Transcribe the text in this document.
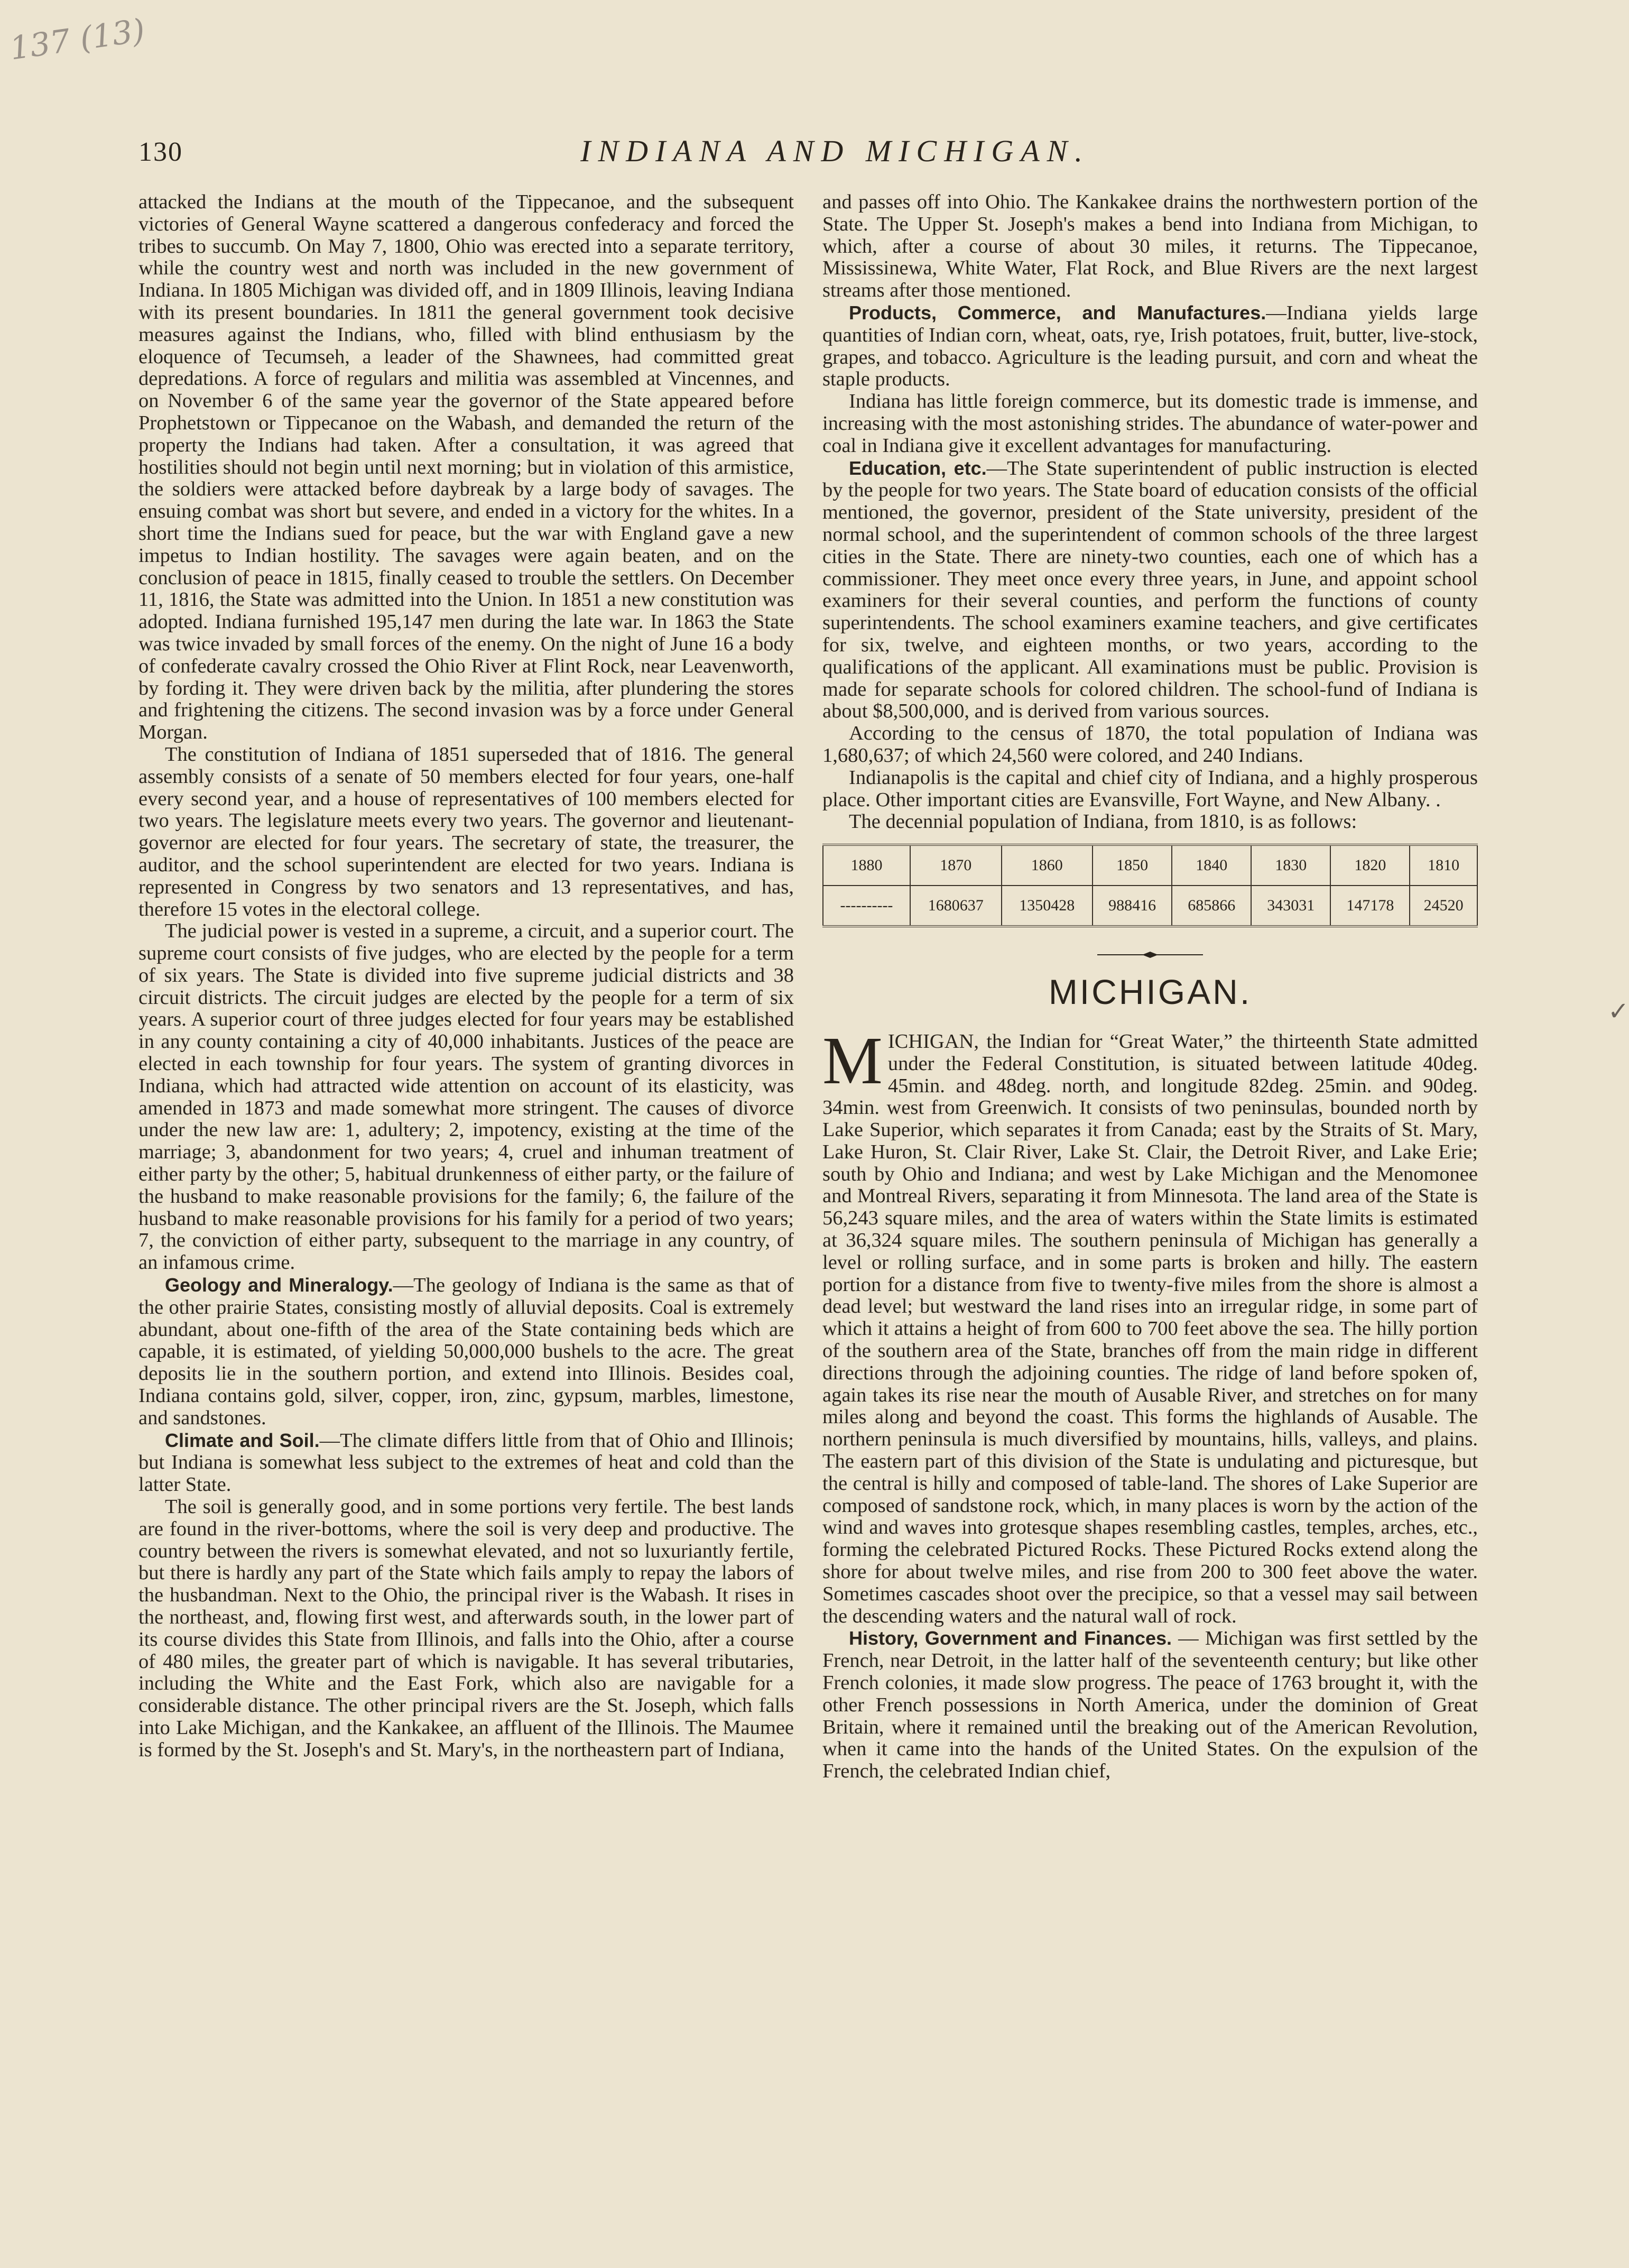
137 (13)
130	INDIANA AND MICHIGAN.

attacked the Indians at the mouth of the Tippecanoe, and the subsequent victories of General Wayne scattered a dangerous confederacy and forced the tribes to succumb. On May 7, 1800, Ohio was erected into a separate territory, while the country west and north was included in the new government of Indiana. In 1805 Michigan was divided off, and in 1809 Illinois, leaving Indiana with its present boundaries. In 1811 the general government took decisive measures against the Indians, who, filled with blind enthusiasm by the eloquence of Tecumseh, a leader of the Shawnees, had committed great depredations. A force of regulars and militia was assembled at Vincennes, and on November 6 of the same year the governor of the State appeared before Prophetstown or Tippecanoe on the Wabash, and demanded the return of the property the Indians had taken. After a consultation, it was agreed that hostilities should not begin until next morning; but in violation of this armistice, the soldiers were attacked before daybreak by a large body of savages. The ensuing combat was short but severe, and ended in a victory for the whites. In a short time the Indians sued for peace, but the war with England gave a new impetus to Indian hostility. The savages were again beaten, and on the conclusion of peace in 1815, finally ceased to trouble the settlers. On December 11, 1816, the State was admitted into the Union. In 1851 a new constitution was adopted. Indiana furnished 195,147 men during the late war. In 1863 the State was twice invaded by small forces of the enemy. On the night of June 16 a body of confederate cavalry crossed the Ohio River at Flint Rock, near Leavenworth, by fording it. They were driven back by the militia, after plundering the stores and frightening the citizens. The second invasion was by a force under General Morgan.

The constitution of Indiana of 1851 superseded that of 1816. The general assembly consists of a senate of 50 members elected for four years, one-half every second year, and a house of representatives of 100 members elected for two years. The legislature meets every two years. The governor and lieutenant-governor are elected for four years. The secretary of state, the treasurer, the auditor, and the school superintendent are elected for two years. Indiana is represented in Congress by two senators and 13 representatives, and has, therefore 15 votes in the electoral college.

The judicial power is vested in a supreme, a circuit, and a superior court. The supreme court consists of five judges, who are elected by the people for a term of six years. The State is divided into five supreme judicial districts and 38 circuit districts. The circuit judges are elected by the people for a term of six years. A superior court of three judges elected for four years may be established in any county containing a city of 40,000 inhabitants. Justices of the peace are elected in each township for four years. The system of granting divorces in Indiana, which had attracted wide attention on account of its elasticity, was amended in 1873 and made somewhat more stringent. The causes of divorce under the new law are: 1, adultery; 2, impotency, existing at the time of the marriage; 3, abandonment for two years; 4, cruel and inhuman treatment of either party by the other; 5, habitual drunkenness of either party, or the failure of the husband to make reasonable provisions for the family; 6, the failure of the husband to make reasonable provisions for his family for a period of two years; 7, the conviction of either party, subsequent to the marriage in any country, of an infamous crime.

Geology and Mineralogy.—The geology of Indiana is the same as that of the other prairie States, consisting mostly of alluvial deposits. Coal is extremely abundant, about one-fifth of the area of the State containing beds which are capable, it is estimated, of yielding 50,000,000 bushels to the acre. The great deposits lie in the southern portion, and extend into Illinois. Besides coal, Indiana contains gold, silver, copper, iron, zinc, gypsum, marbles, limestone, and sandstones.

Climate and Soil.—The climate differs little from that of Ohio and Illinois; but Indiana is somewhat less subject to the extremes of heat and cold than the latter State.

The soil is generally good, and in some portions very fertile. The best lands are found in the river-bottoms, where the soil is very deep and productive. The country between the rivers is somewhat elevated, and not so luxuriantly fertile, but there is hardly any part of the State which fails amply to repay the labors of the husbandman. Next to the Ohio, the principal river is the Wabash. It rises in the northeast, and, flowing first west, and afterwards south, in the lower part of its course divides this State from Illinois, and falls into the Ohio, after a course of 480 miles, the greater part of which is navigable. It has several tributaries, including the White and the East Fork, which also are navigable for a considerable distance. The other principal rivers are the St. Joseph, which falls into Lake Michigan, and the Kankakee, an affluent of the Illinois. The Maumee is formed by the St. Joseph's and St. Mary's, in the northeastern part of Indiana,

and passes off into Ohio. The Kankakee drains the northwestern portion of the State. The Upper St. Joseph's makes a bend into Indiana from Michigan, to which, after a course of about 30 miles, it returns. The Tippecanoe, Mississinewa, White Water, Flat Rock, and Blue Rivers are the next largest streams after those mentioned.

Products, Commerce, and Manufactures.—Indiana yields large quantities of Indian corn, wheat, oats, rye, Irish potatoes, fruit, butter, live-stock, grapes, and tobacco. Agriculture is the leading pursuit, and corn and wheat the staple products.

Indiana has little foreign commerce, but its domestic trade is immense, and increasing with the most astonishing strides. The abundance of water-power and coal in Indiana give it excellent advantages for manufacturing.

Education, etc.—The State superintendent of public instruction is elected by the people for two years. The State board of education consists of the official mentioned, the governor, president of the State university, president of the normal school, and the superintendent of common schools of the three largest cities in the State. There are ninety-two counties, each one of which has a commissioner. They meet once every three years, in June, and appoint school examiners for their several counties, and perform the functions of county superintendents. The school examiners examine teachers, and give certificates for six, twelve, and eighteen months, or two years, according to the qualifications of the applicant. All examinations must be public. Provision is made for separate schools for colored children. The school-fund of Indiana is about $8,500,000, and is derived from various sources.

According to the census of 1870, the total population of Indiana was 1,680,637; of which 24,560 were colored, and 240 Indians.

Indianapolis is the capital and chief city of Indiana, and a highly prosperous place. Other important cities are Evansville, Fort Wayne, and New Albany. .

The decennial population of Indiana, from 1810, is as follows:

1880	1870	1860	1850	1840	1830	1820	1810
----------	1680637	1350428	988416	685866	343031	147178	24520
MICHIGAN.

MICHIGAN, the Indian for “Great Water,” the thirteenth State admitted under the Federal Constitution, is situated between latitude 40deg. 45min. and 48deg. north, and longitude 82deg. 25min. and 90deg. 34min. west from Greenwich. It consists of two peninsulas, bounded north by Lake Superior, which separates it from Canada; east by the Straits of St. Mary, Lake Huron, St. Clair River, Lake St. Clair, the Detroit River, and Lake Erie; south by Ohio and Indiana; and west by Lake Michigan and the Menomonee and Montreal Rivers, separating it from Minnesota. The land area of the State is 56,243 square miles, and the area of waters within the State limits is estimated at 36,324 square miles. The southern peninsula of Michigan has generally a level or rolling surface, and in some parts is broken and hilly. The eastern portion for a distance from five to twenty-five miles from the shore is almost a dead level; but westward the land rises into an irregular ridge, in some part of which it attains a height of from 600 to 700 feet above the sea. The hilly portion of the southern area of the State, branches off from the main ridge in different directions through the adjoining counties. The ridge of land before spoken of, again takes its rise near the mouth of Ausable River, and stretches on for many miles along and beyond the coast. This forms the highlands of Ausable. The northern peninsula is much diversified by mountains, hills, valleys, and plains. The eastern part of this division of the State is undulating and picturesque, but the central is hilly and composed of table-land. The shores of Lake Superior are composed of sandstone rock, which, in many places is worn by the action of the wind and waves into grotesque shapes resembling castles, temples, arches, etc., forming the celebrated Pictured Rocks. These Pictured Rocks extend along the shore for about twelve miles, and rise from 200 to 300 feet above the water. Sometimes cascades shoot over the precipice, so that a vessel may sail between the descending waters and the natural wall of rock.

History, Government and Finances. — Michigan was first settled by the French, near Detroit, in the latter half of the seventeenth century; but like other French colonies, it made slow progress. The peace of 1763 brought it, with the other French possessions in North America, under the dominion of Great Britain, where it remained until the breaking out of the American Revolution, when it came into the hands of the United States. On the expulsion of the French, the celebrated Indian chief,

✓
